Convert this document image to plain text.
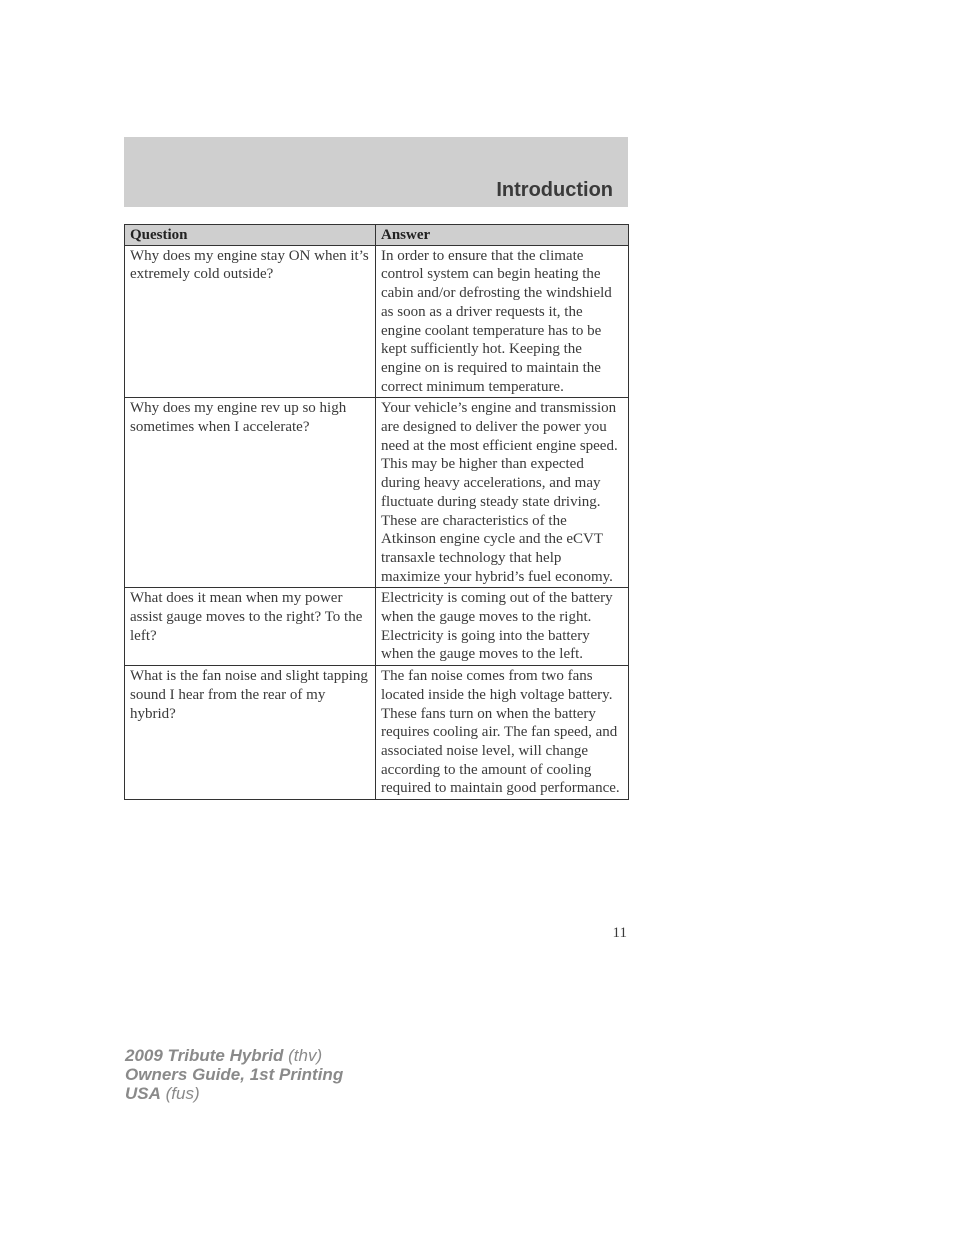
Introduction
Question	Answer
Why does my engine stay ON when it’s extremely cold outside?	In order to ensure that the climate control system can begin heating the cabin and/or defrosting the windshield as soon as a driver requests it, the engine coolant temperature has to be kept sufficiently hot. Keeping the engine on is required to maintain the correct minimum temperature.
Why does my engine rev up so high sometimes when I accelerate?	Your vehicle’s engine and transmission are designed to deliver the power you need at the most efficient engine speed. This may be higher than expected during heavy accelerations, and may fluctuate during steady state driving. These are characteristics of the Atkinson engine cycle and the eCVT transaxle technology that help maximize your hybrid’s fuel economy.
What does it mean when my power assist gauge moves to the right? To the left?	Electricity is coming out of the battery when the gauge moves to the right. Electricity is going into the battery when the gauge moves to the left.
What is the fan noise and slight tapping sound I hear from the rear of my hybrid?	The fan noise comes from two fans located inside the high voltage battery. These fans turn on when the battery requires cooling air. The fan speed, and associated noise level, will change according to the amount of cooling required to maintain good performance.
11
2009 Tribute Hybrid (thv)
Owners Guide, 1st Printing
USA (fus)
